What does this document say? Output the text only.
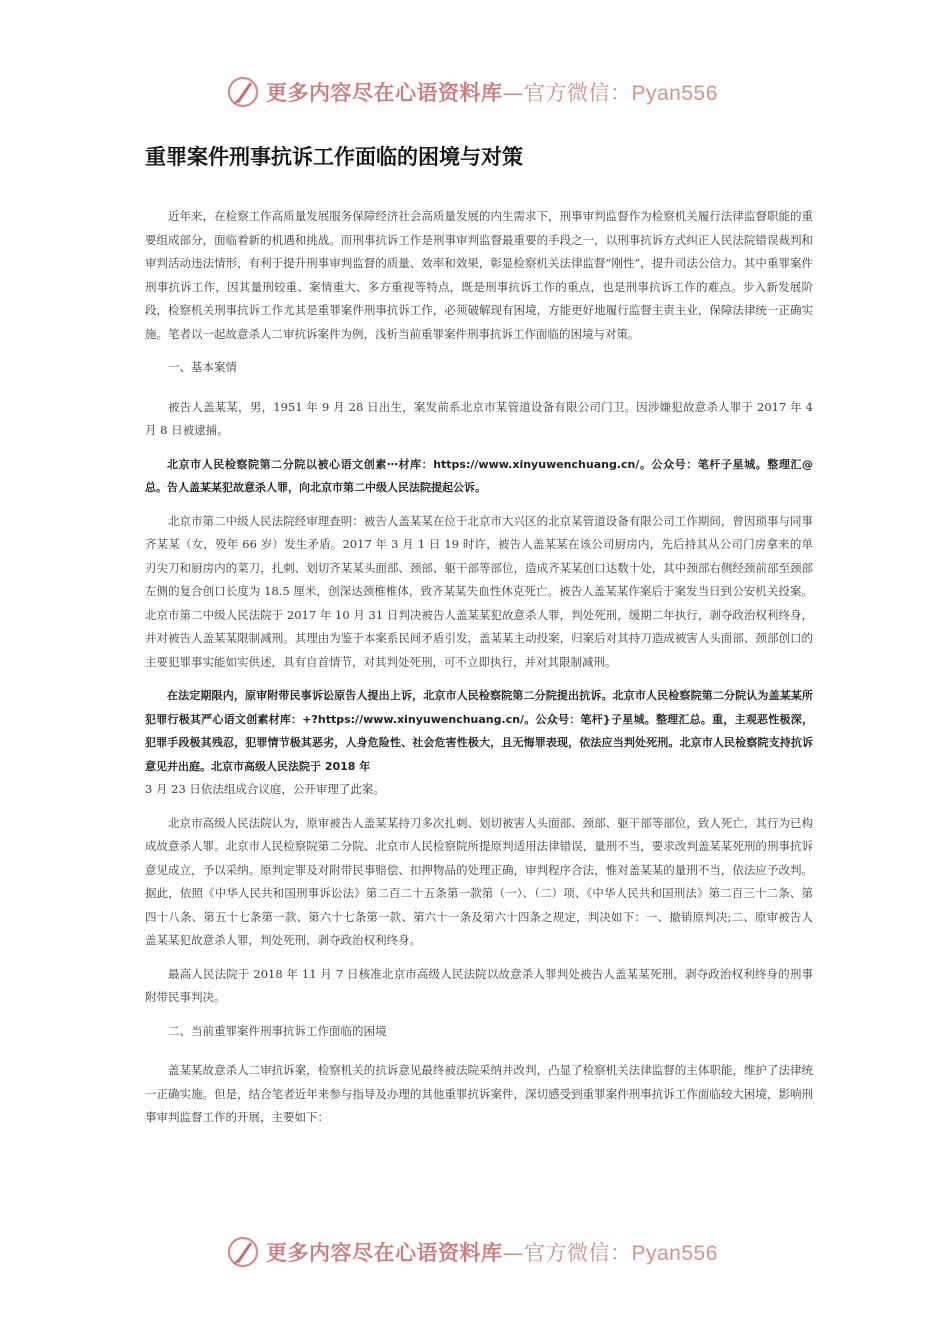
更多内容尽在心语资料库—官方微信：Pyan556
重罪案件刑事抗诉工作面临的困境与对策

近年来，在检察工作高质量发展服务保障经济社会高质量发展的内生需求下，刑事审判监督作为检察机关履行法律监督职能的重要组成部分，面临着新的机遇和挑战。而刑事抗诉工作是刑事审判监督最重要的手段之一，以刑事抗诉方式纠正人民法院错误裁判和审判活动违法情形，有利于提升刑事审判监督的质量、效率和效果，彰显检察机关法律监督“刚性”，提升司法公信力。其中重罪案件刑事抗诉工作，因其量刑较重、案情重大、多方重视等特点，既是刑事抗诉工作的重点，也是刑事抗诉工作的难点。步入新发展阶段，检察机关刑事抗诉工作尤其是重罪案件刑事抗诉工作，必须破解现有困境，方能更好地履行监督主责主业，保障法律统一正确实施。笔者以一起故意杀人二审抗诉案件为例，浅析当前重罪案件刑事抗诉工作面临的困境与对策。

一、基本案情

被告人盖某某，男，1951 年 9 月 28 日出生，案发前系北京市某管道设备有限公司门卫。因涉嫌犯故意杀人罪于 2017 年 4 月 8 日被逮捕。

北京市人民检察院第二分院以被心语文创素⋯材库：https://www.xinyuwenchuang.cn/。公众号：笔杆子星城。整理汇@总。告人盖某某犯故意杀人罪，向北京市第二中级人民法院提起公诉。

北京市第二中级人民法院经审理查明：被告人盖某某在位于北京市大兴区的北京某管道设备有限公司工作期间，曾因琐事与同事齐某某（女，殁年 66 岁）发生矛盾。2017 年 3 月 1 日 19 时许，被告人盖某某在该公司厨房内，先后持其从公司门房拿来的单刃尖刀和厨房内的菜刀，扎刺、划切齐某某头面部、颈部、躯干部等部位，造成齐某某创口达数十处，其中颈部右侧经颈前部至颈部左侧的复合创口长度为 18.5 厘米，创深达颈椎椎体，致齐某某失血性休克死亡。被告人盖某某作案后于案发当日到公安机关投案。北京市第二中级人民法院于 2017 年 10 月 31 日判决被告人盖某某犯故意杀人罪，判处死刑，缓期二年执行，剥夺政治权利终身，并对被告人盖某某限制减刑。其理由为鉴于本案系民间矛盾引发，盖某某主动投案，归案后对其持刀造成被害人头面部、颈部创口的主要犯罪事实能如实供述，具有自首情节，对其判处死刑，可不立即执行，并对其限制减刑。

在法定期限内，原审附带民事诉讼原告人提出上诉，北京市人民检察院第二分院提出抗诉。北京市人民检察院第二分院认为盖某某所犯罪行极其严心语文创素材库：+?https://www.xinyuwenchuang.cn/。公众号：笔杆}子星城。整理汇总。重，主观恶性极深，犯罪手段极其残忍，犯罪情节极其恶劣，人身危险性、社会危害性极大，且无悔罪表现，依法应当判处死刑。北京市人民检察院支持抗诉意见并出庭。北京市高级人民法院于 2018 年

3 月 23 日依法组成合议庭，公开审理了此案。

北京市高级人民法院认为，原审被告人盖某某持刀多次扎刺、划切被害人头面部、颈部、躯干部等部位，致人死亡，其行为已构成故意杀人罪。北京市人民检察院第二分院、北京市人民检察院所提原判适用法律错误，量刑不当，要求改判盖某某死刑的刑事抗诉意见成立，予以采纳。原判定罪及对附带民事赔偿、扣押物品的处理正确，审判程序合法，惟对盖某某的量刑不当，依法应予改判。据此，依照《中华人民共和国刑事诉讼法》第二百二十五条第一款第（一）、（二）项、《中华人民共和国刑法》第二百三十二条、第四十八条、第五十七条第一款、第六十七条第一款、第六十一条及第六十四条之规定，判决如下：一、撤销原判决;二、原审被告人盖某某犯故意杀人罪，判处死刑，剥夺政治权利终身。

最高人民法院于 2018 年 11 月 7 日核准北京市高级人民法院以故意杀人罪判处被告人盖某某死刑，剥夺政治权利终身的刑事附带民事判决。

二、当前重罪案件刑事抗诉工作面临的困境

盖某某故意杀人二审抗诉案，检察机关的抗诉意见最终被法院采纳并改判，凸显了检察机关法律监督的主体职能，维护了法律统一正确实施。但是，结合笔者近年来参与指导及办理的其他重罪抗诉案件，深切感受到重罪案件刑事抗诉工作面临较大困境，影响刑事审判监督工作的开展，主要如下：

更多内容尽在心语资料库—官方微信：Pyan556
